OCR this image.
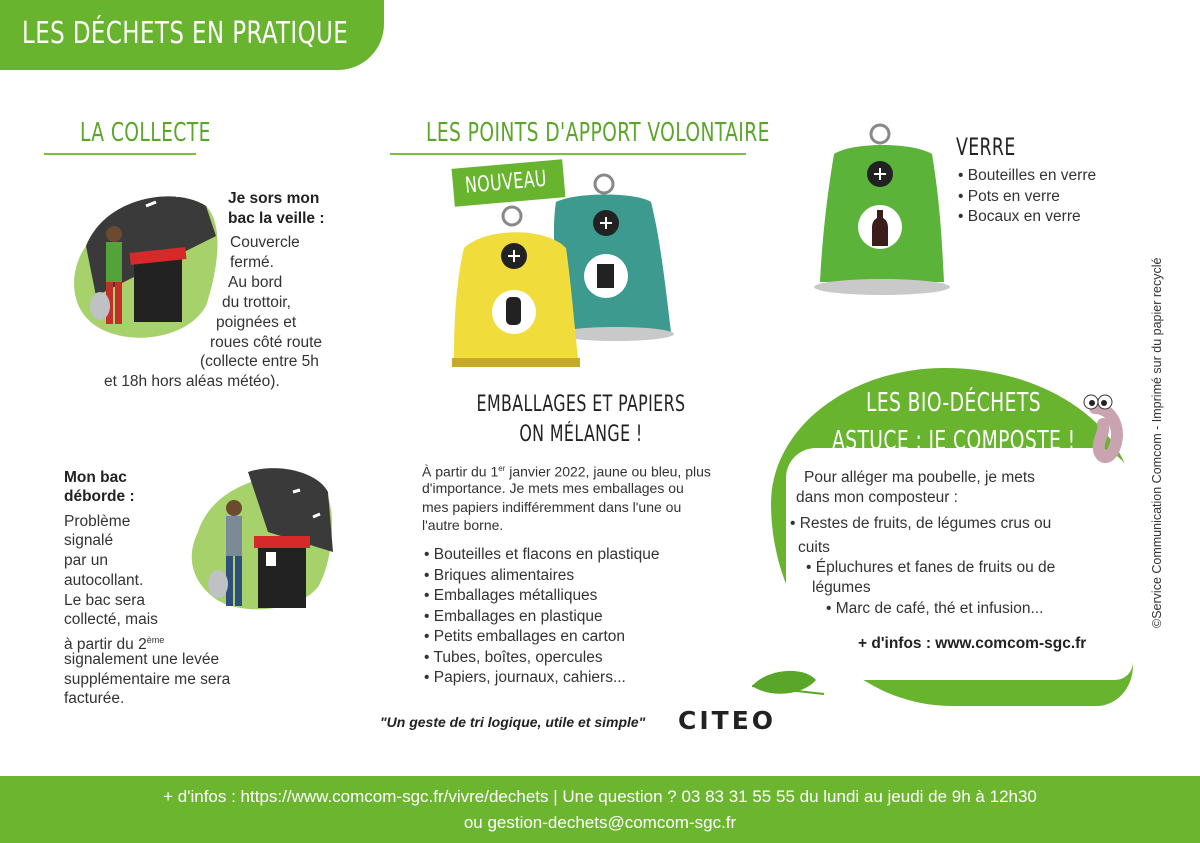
LES DÉCHETS EN PRATIQUE
LA COLLECTE
Je sors mon
bac la veille :
Couvercle
fermé.
Au bord
du trottoir,
poignées et
roues côté route
(collecte entre 5h
et 18h hors aléas météo).
Mon bac
déborde :
Problème
signalé
par un
autocollant.
Le bac sera
collecté, mais
à partir du 2ème
signalement une levée
supplémentaire me sera
facturée.
LES POINTS D'APPORT VOLONTAIRE
NOUVEAU
EMBALLAGES ET PAPIERS
ON MÉLANGE !
À partir du 1er janvier 2022, jaune ou bleu, plus
d'importance. Je mets mes emballages ou
mes papiers indifféremment dans l'une ou
l'autre borne.
• Bouteilles et flacons en plastique
• Briques alimentaires
• Emballages métalliques
• Emballages en plastique
• Petits emballages en carton
• Tubes, boîtes, opercules
• Papiers, journaux, cahiers...
"Un geste de tri logique, utile et simple" CITEO
VERRE
• Bouteilles en verre
• Pots en verre
• Bocaux en verre
LES BIO-DÉCHETS
ASTUCE : JE COMPOSTE !
Pour alléger ma poubelle, je mets
dans mon composteur :
• Restes de fruits, de légumes crus ou
cuits
• Épluchures et fanes de fruits ou de
légumes
• Marc de café, thé et infusion...
+ d'infos : www.comcom-sgc.fr
©Service Communication Comcom - Imprimé sur du papier recyclé
+ d'infos : https://www.comcom-sgc.fr/vivre/dechets | Une question ? 03 83 31 55 55 du lundi au jeudi de 9h à 12h30
ou gestion-dechets@comcom-sgc.fr
